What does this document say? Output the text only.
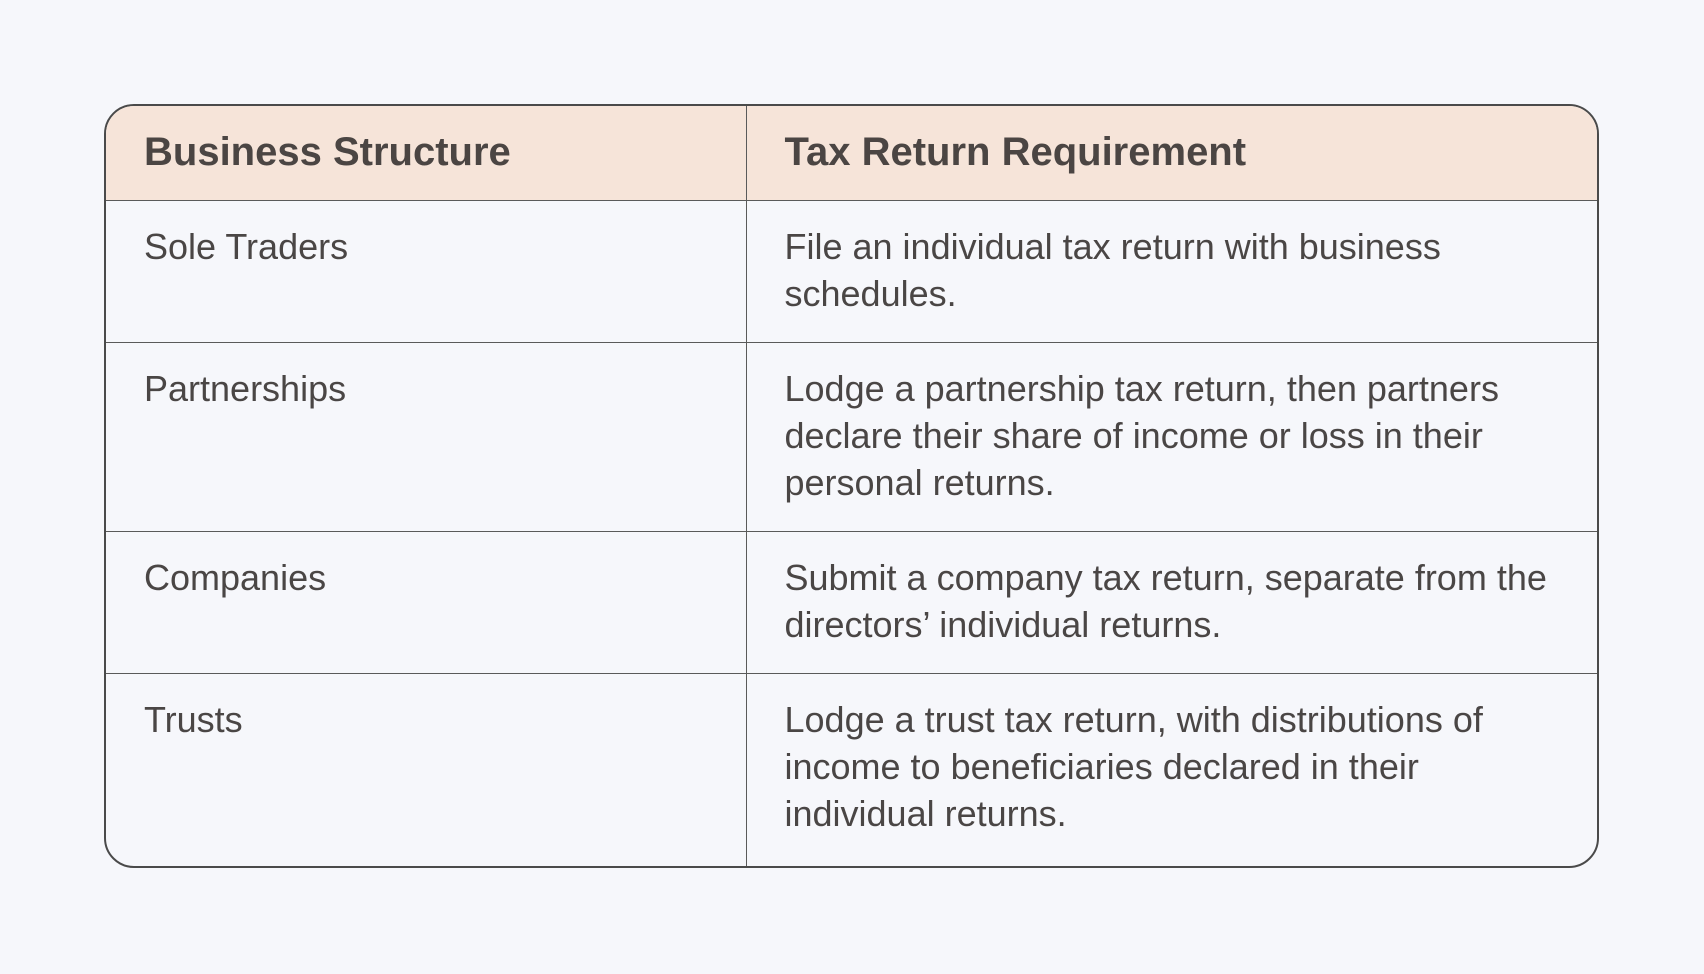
Business Structure	Tax Return Requirement
Sole Traders	File an individual tax return with business schedules.
Partnerships	Lodge a partnership tax return, then partners declare their share of income or loss in their personal returns.
Companies	Submit a company tax return, separate from the directors’ individual returns.
Trusts	Lodge a trust tax return, with distributions of income to beneficiaries declared in their individual returns.
